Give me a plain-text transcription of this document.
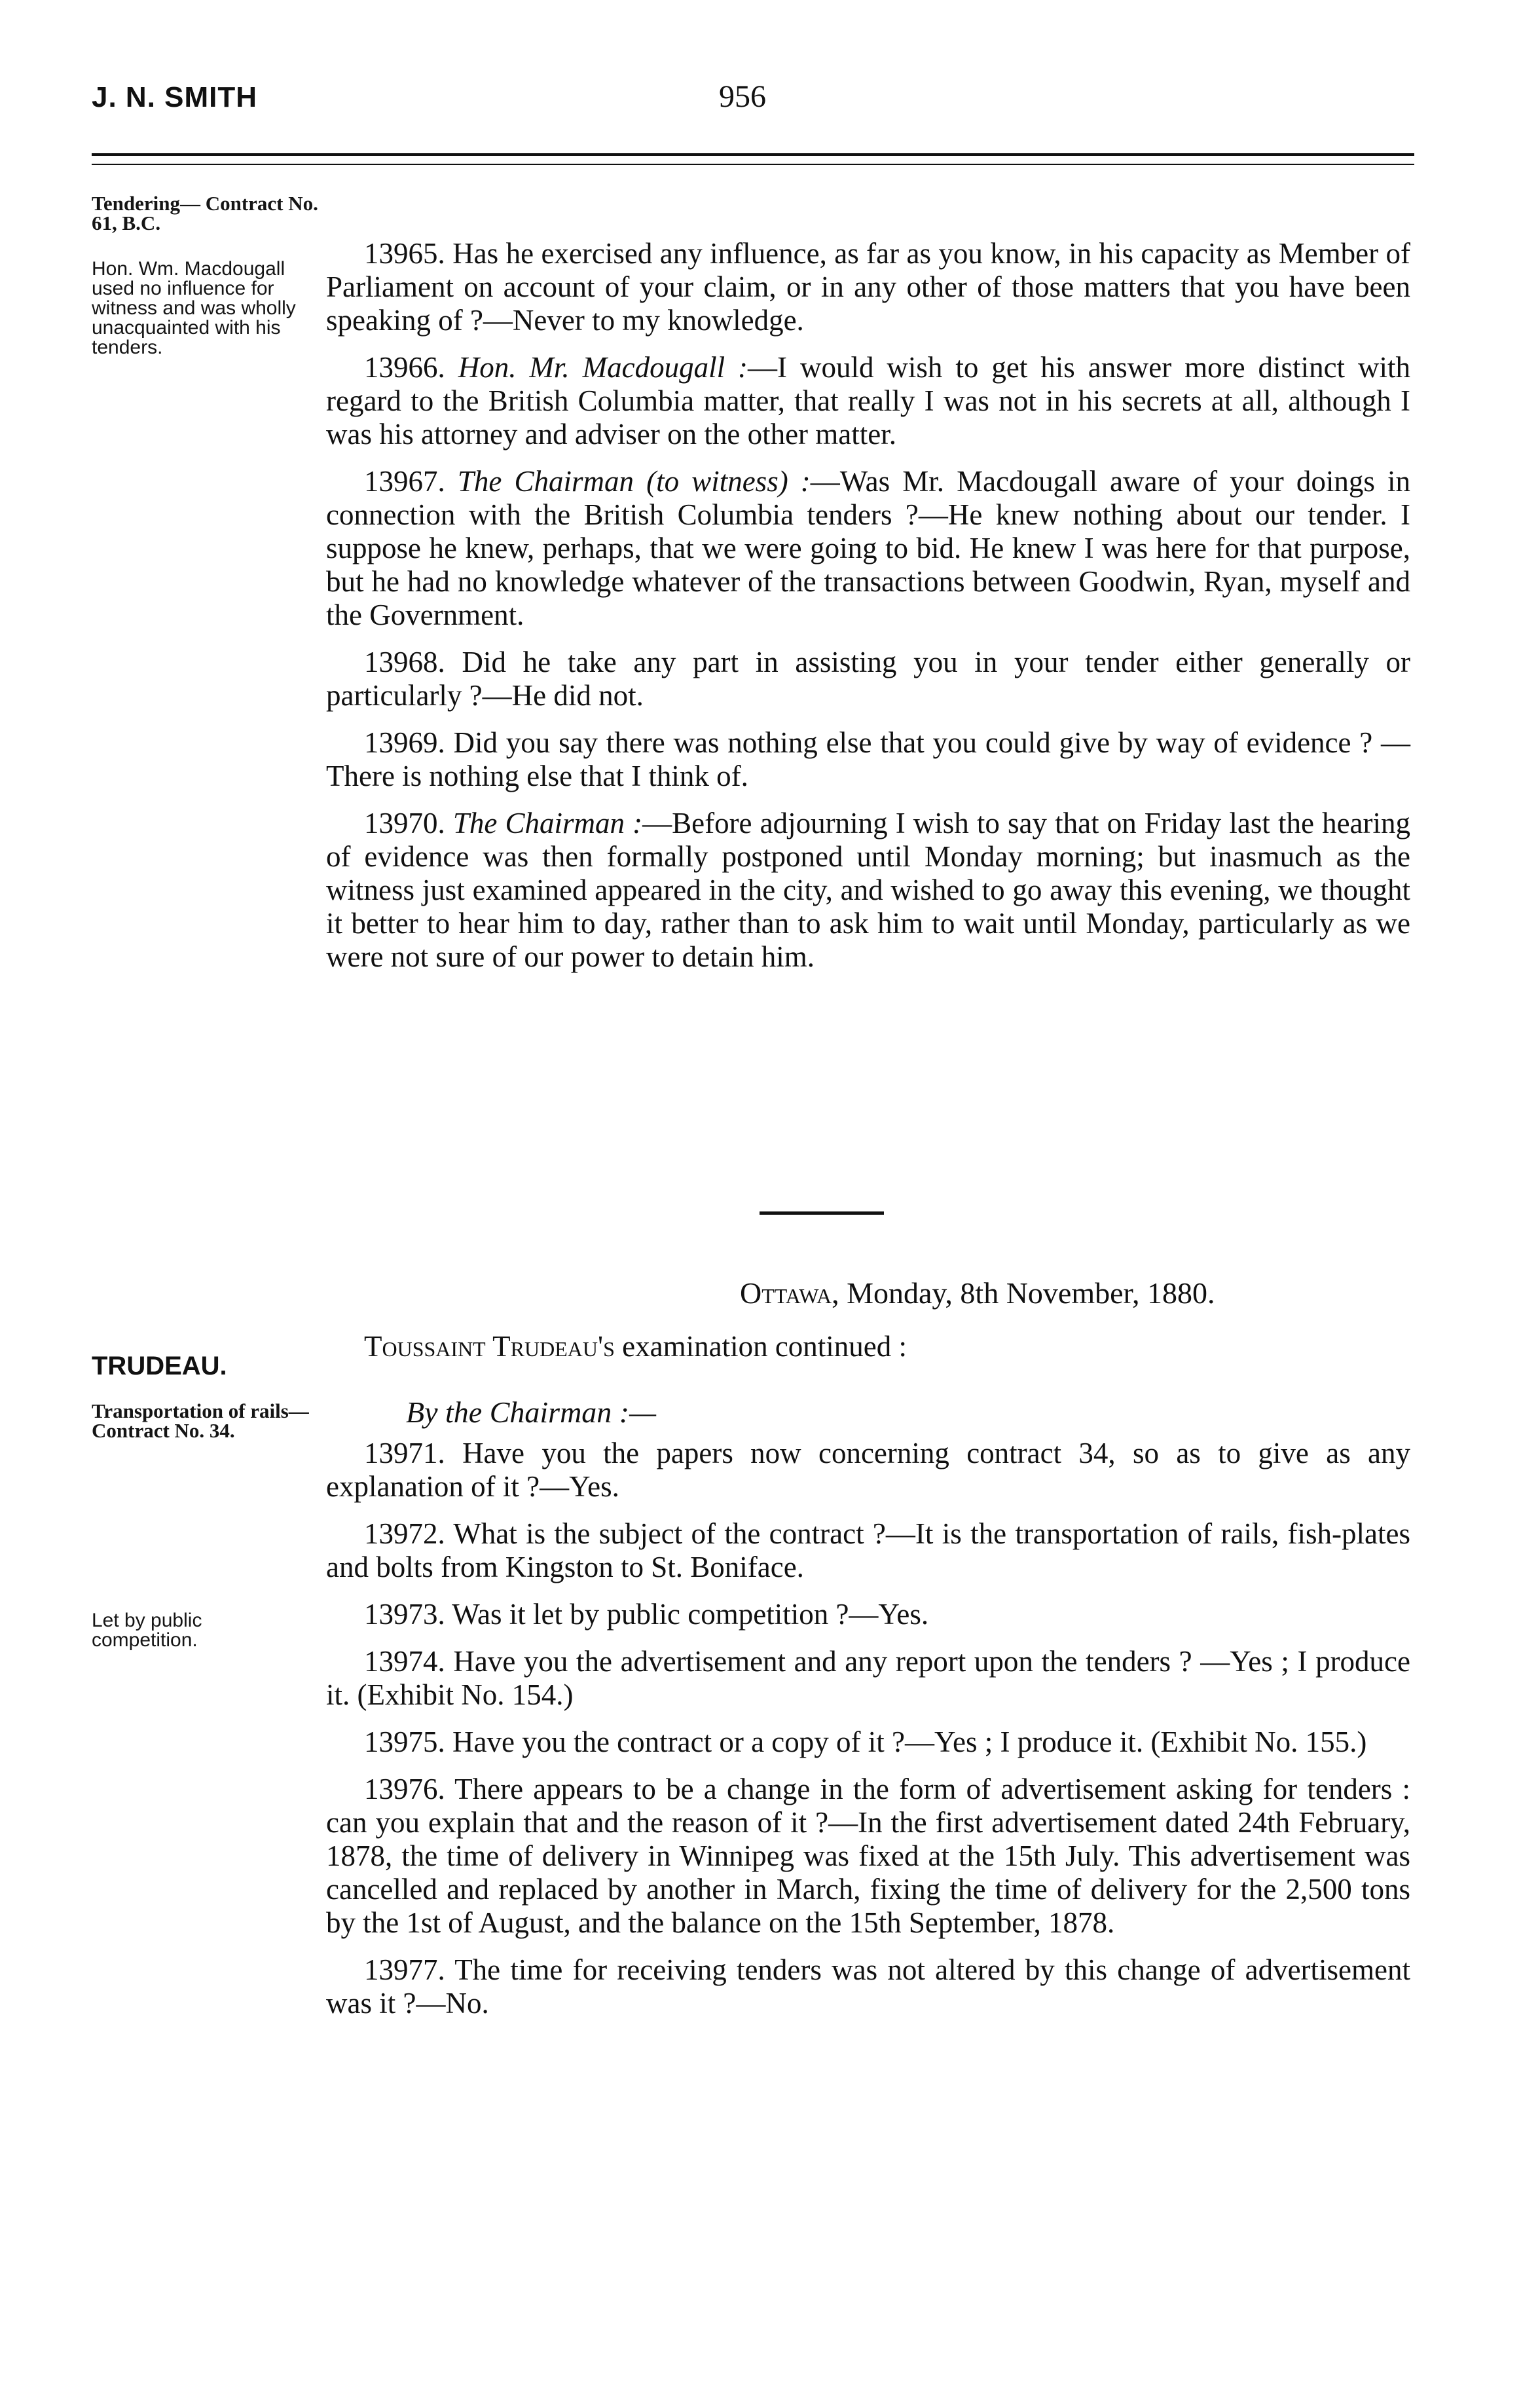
J. N. SMITH	956
Tendering— Contract No. 61, B.C.
Hon. Wm. Macdougall used no influence for witness and was wholly unacquainted with his tenders.

13965. Has he exercised any influence, as far as you know, in his capacity as Member of Parliament on account of your claim, or in any other of those matters that you have been speaking of ?—Never to my knowledge.

13966. Hon. Mr. Macdougall :—I would wish to get his answer more distinct with regard to the British Columbia matter, that really I was not in his secrets at all, although I was his attorney and adviser on the other matter.

13967. The Chairman (to witness) :—Was Mr. Macdougall aware of your doings in connection with the British Columbia tenders ?—He knew nothing about our tender. I suppose he knew, perhaps, that we were going to bid. He knew I was here for that purpose, but he had no knowledge whatever of the transactions between Goodwin, Ryan, myself and the Government.

13968. Did he take any part in assisting you in your tender either generally or particularly ?—He did not.

13969. Did you say there was nothing else that you could give by way of evidence ? —There is nothing else that I think of.

13970. The Chairman :—Before adjourning I wish to say that on Friday last the hearing of evidence was then formally postponed until Monday morning; but inasmuch as the witness just examined appeared in the city, and wished to go away this evening, we thought it better to hear him to day, rather than to ask him to wait until Monday, particularly as we were not sure of our power to detain him.

Ottawa, Monday, 8th November, 1880.
TRUDEAU.
Toussaint Trudeau's examination continued :
By the Chairman :—
Transportation of rails— Contract No. 34.
Let by public competition.

13971. Have you the papers now concerning contract 34, so as to give as any explanation of it ?—Yes.

13972. What is the subject of the contract ?—It is the transportation of rails, fish-plates and bolts from Kingston to St. Boniface.

13973. Was it let by public competition ?—Yes.

13974. Have you the advertisement and any report upon the tenders ? —Yes ; I produce it. (Exhibit No. 154.)

13975. Have you the contract or a copy of it ?—Yes ; I produce it. (Exhibit No. 155.)

13976. There appears to be a change in the form of advertisement asking for tenders : can you explain that and the reason of it ?—In the first advertisement dated 24th February, 1878, the time of delivery in Winnipeg was fixed at the 15th July. This advertisement was cancelled and replaced by another in March, fixing the time of delivery for the 2,500 tons by the 1st of August, and the balance on the 15th September, 1878.

13977. The time for receiving tenders was not altered by this change of advertisement was it ?—No.
